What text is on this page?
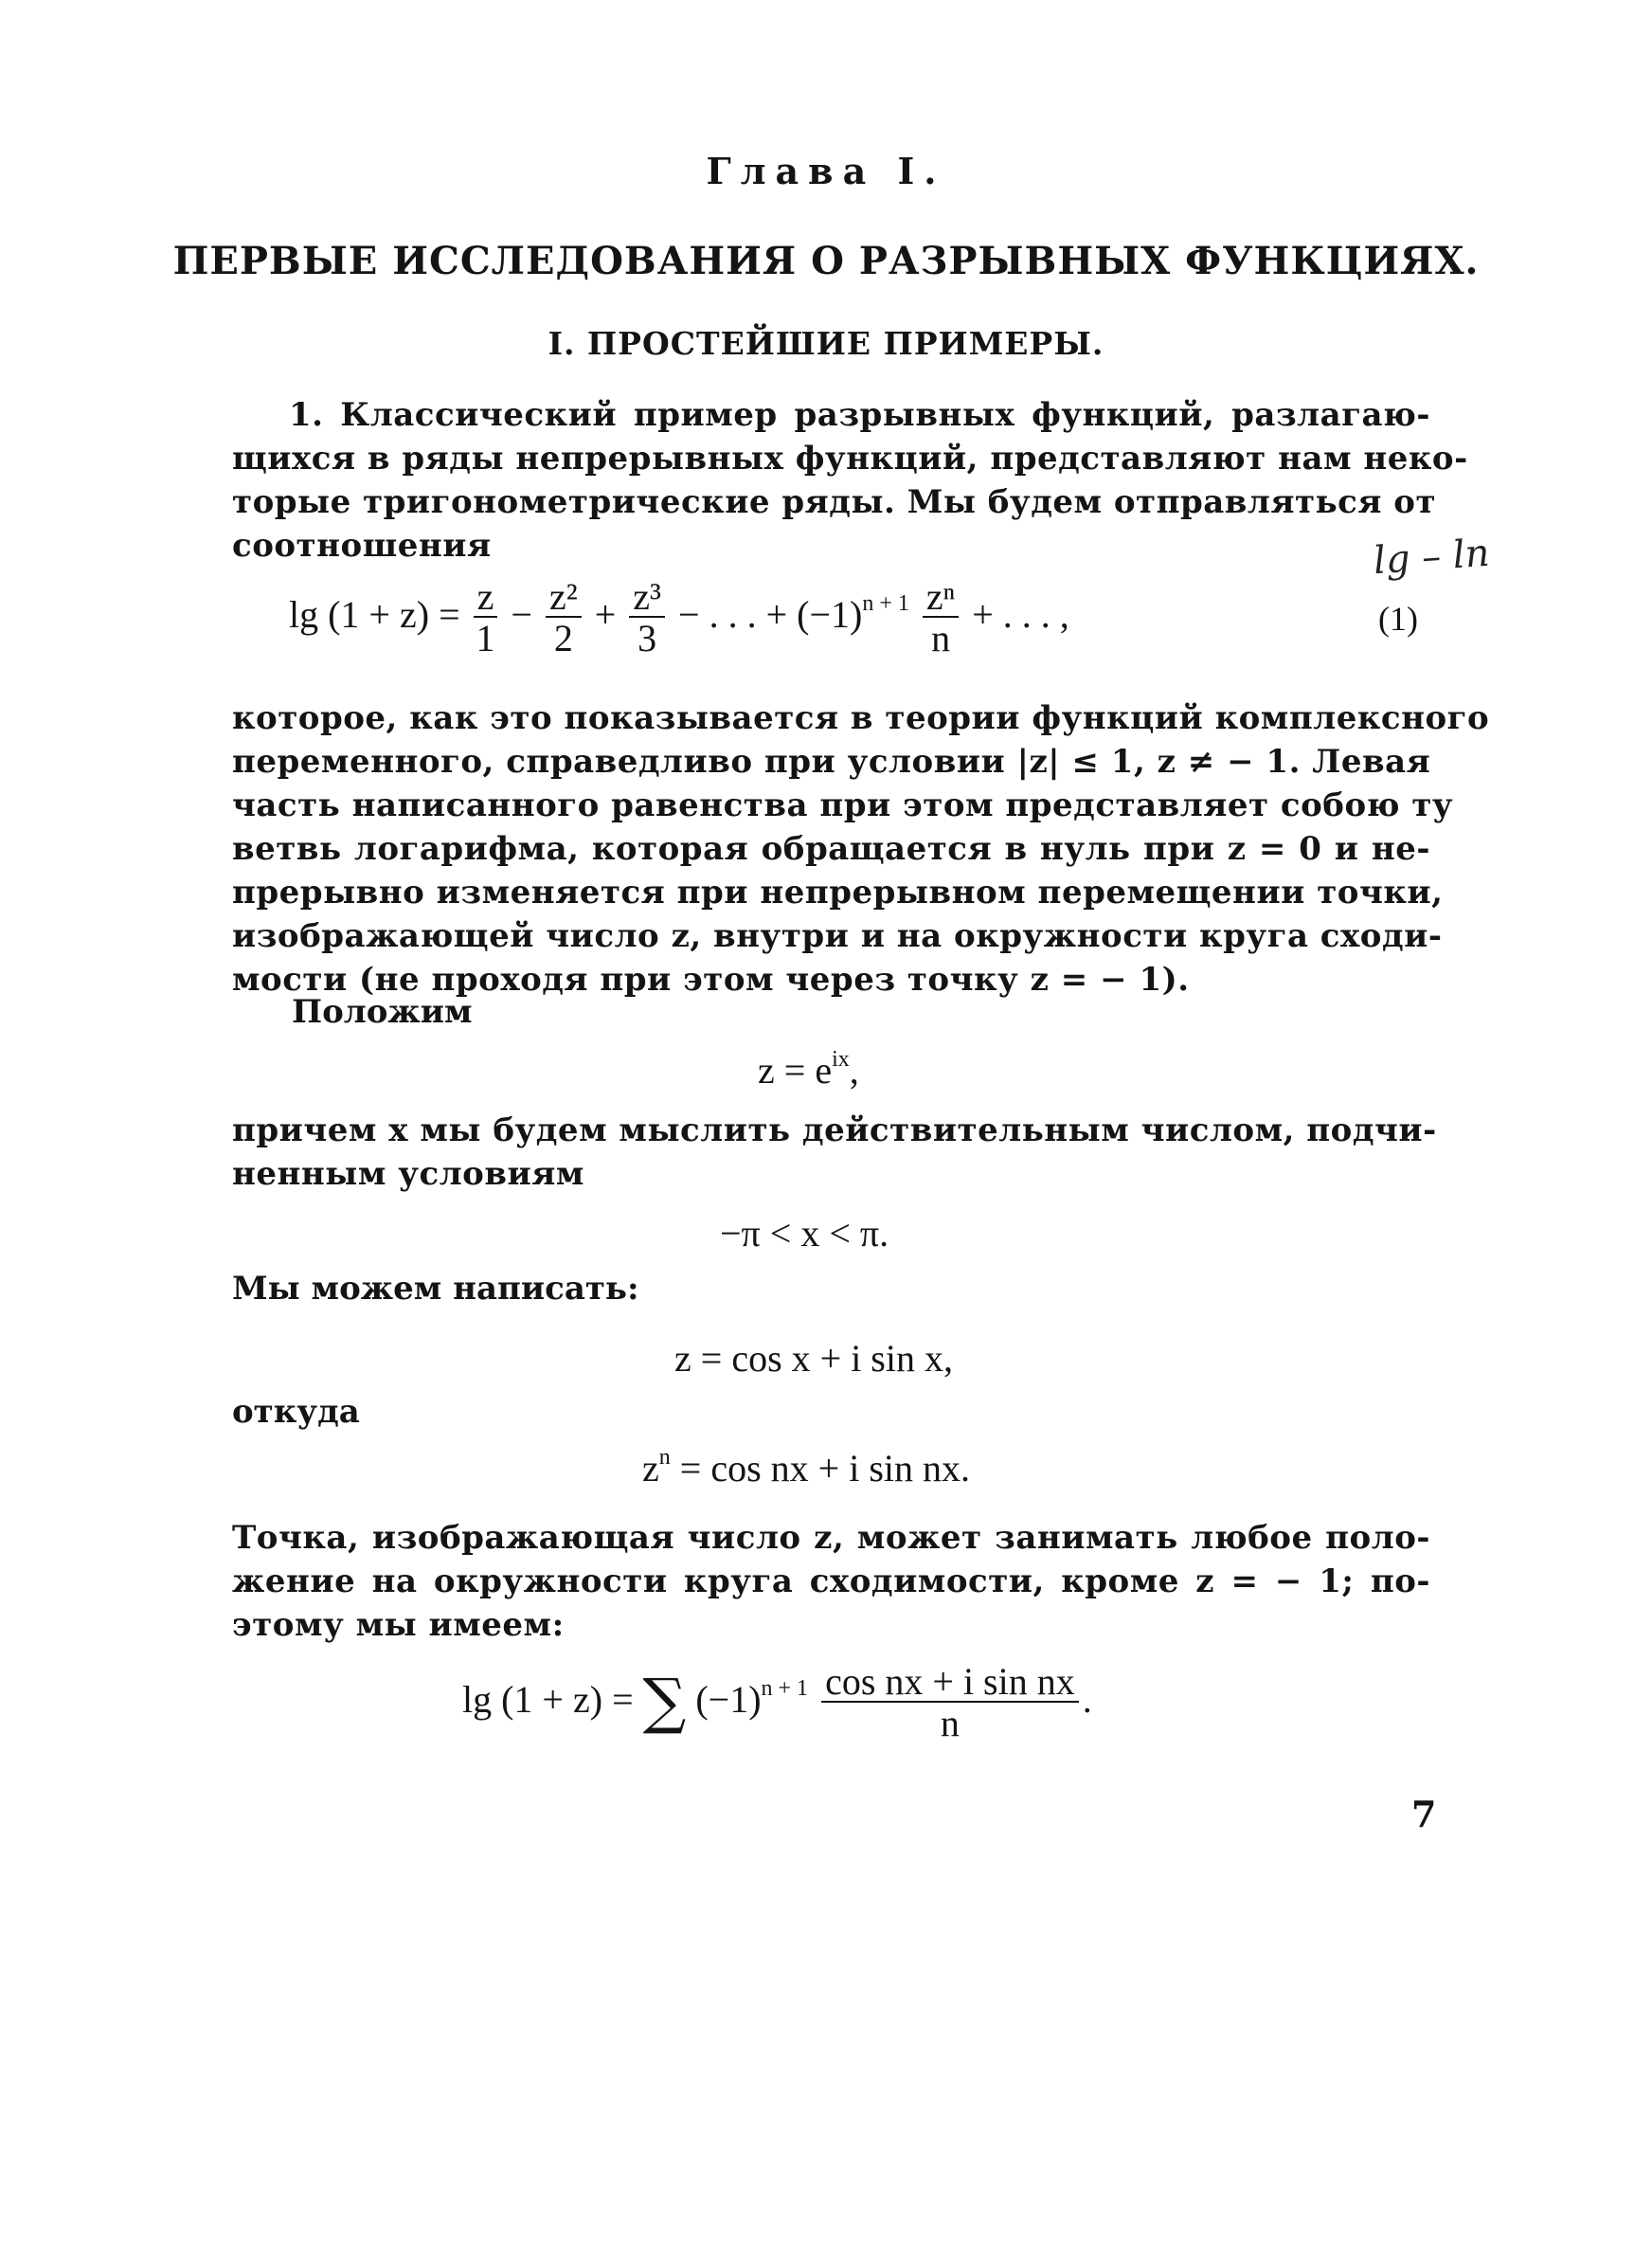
Глава I.
ПЕРВЫЕ ИССЛЕДОВАНИЯ О РАЗРЫВНЫХ ФУНКЦИЯХ.
I. ПРОСТЕЙШИЕ ПРИМЕРЫ.
1. Классический пример разрывных функций, разлагаю-
щихся в ряды непрерывных функций, представляют нам неко-
торые тригонометрические ряды. Мы будем отправляться от
соотношения	lg – ln
$\lg (1 + z) = \frac{z}{1} - \frac{\text{z²}}{2} + \frac{\text{z³}}{3}$ − . . . + $(-1)^{n + 1} \frac{\text{zⁿ}}{n}$ + . . . ,	(1)
которое, как это показывается в теории функций комплексного
переменного, справедливо при условии |z| ≤ 1, z ≠ − 1. Левая
часть написанного равенства при этом представляет собою ту
ветвь логарифма, которая обращается в нуль при z = 0 и не-
прерывно изменяется при непрерывном перемещении точки,
изображающей число z, внутри и на окружности круга сходи-
мости (не проходя при этом через точку z = − 1).
Положим
$z = e^{ix}$,
причем x мы будем мыслить действительным числом, подчи-
ненным условиям
−π < x < π.
Мы можем написать:
z = cos x + i sin x,
откуда
$z^n = \cos$ nx + i sin nx.
Точка, изображающая число z, может занимать любое поло-
жение на окружности круга сходимости, кроме z = − 1; по-
этому мы имеем:
lg (1 + z) = ∑ $(-1)^{n + 1} \frac{\text{cos nx + i sin nx}}{n}$ .
7
